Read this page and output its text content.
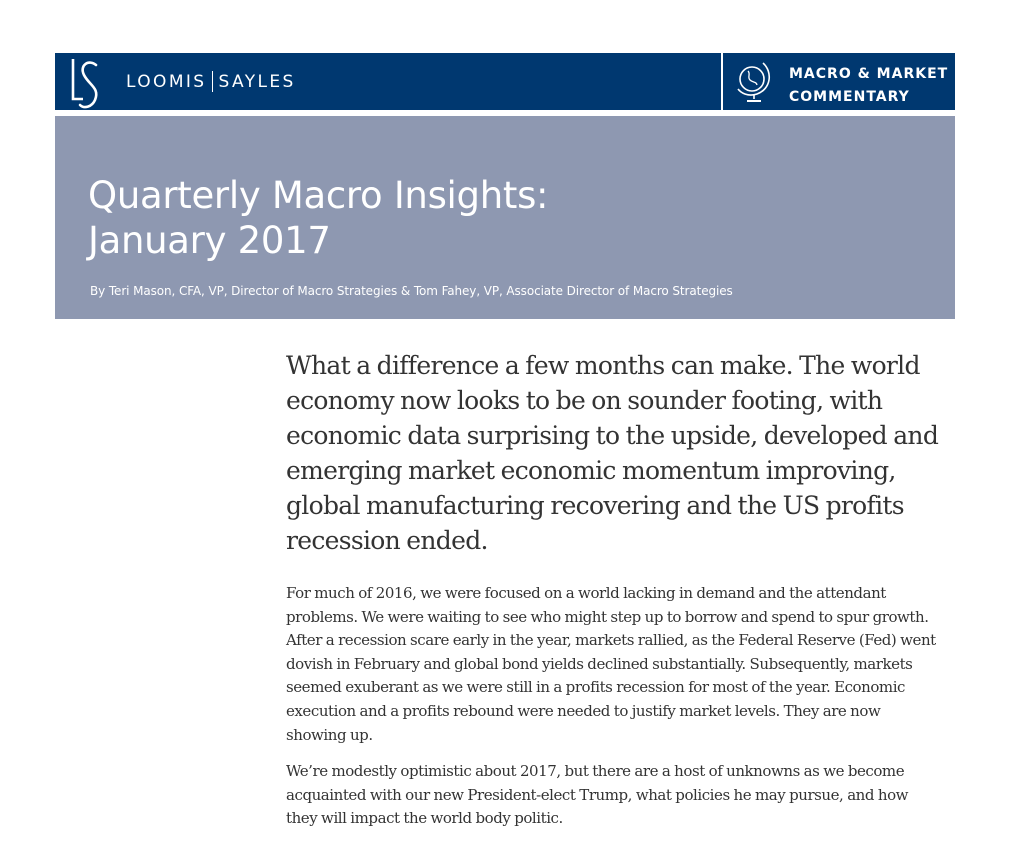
LOOMIS SAYLES	MACRO & MARKET
COMMENTARY
Quarterly Macro Insights:
January 2017
By Teri Mason, CFA, VP, Director of Macro Strategies & Tom Fahey, VP, Associate Director of Macro Strategies

What a difference a few months can make. The world
economy now looks to be on sounder footing, with
economic data surprising to the upside, developed and
emerging market economic momentum improving,
global manufacturing recovering and the US profits
recession ended.

For much of 2016, we were focused on a world lacking in demand and the attendant
problems. We were waiting to see who might step up to borrow and spend to spur growth.
After a recession scare early in the year, markets rallied, as the Federal Reserve (Fed) went
dovish in February and global bond yields declined substantially. Subsequently, markets
seemed exuberant as we were still in a profits recession for most of the year. Economic
execution and a profits rebound were needed to justify market levels. They are now
showing up.

We’re modestly optimistic about 2017, but there are a host of unknowns as we become
acquainted with our new President-elect Trump, what policies he may pursue, and how
they will impact the world body politic.
